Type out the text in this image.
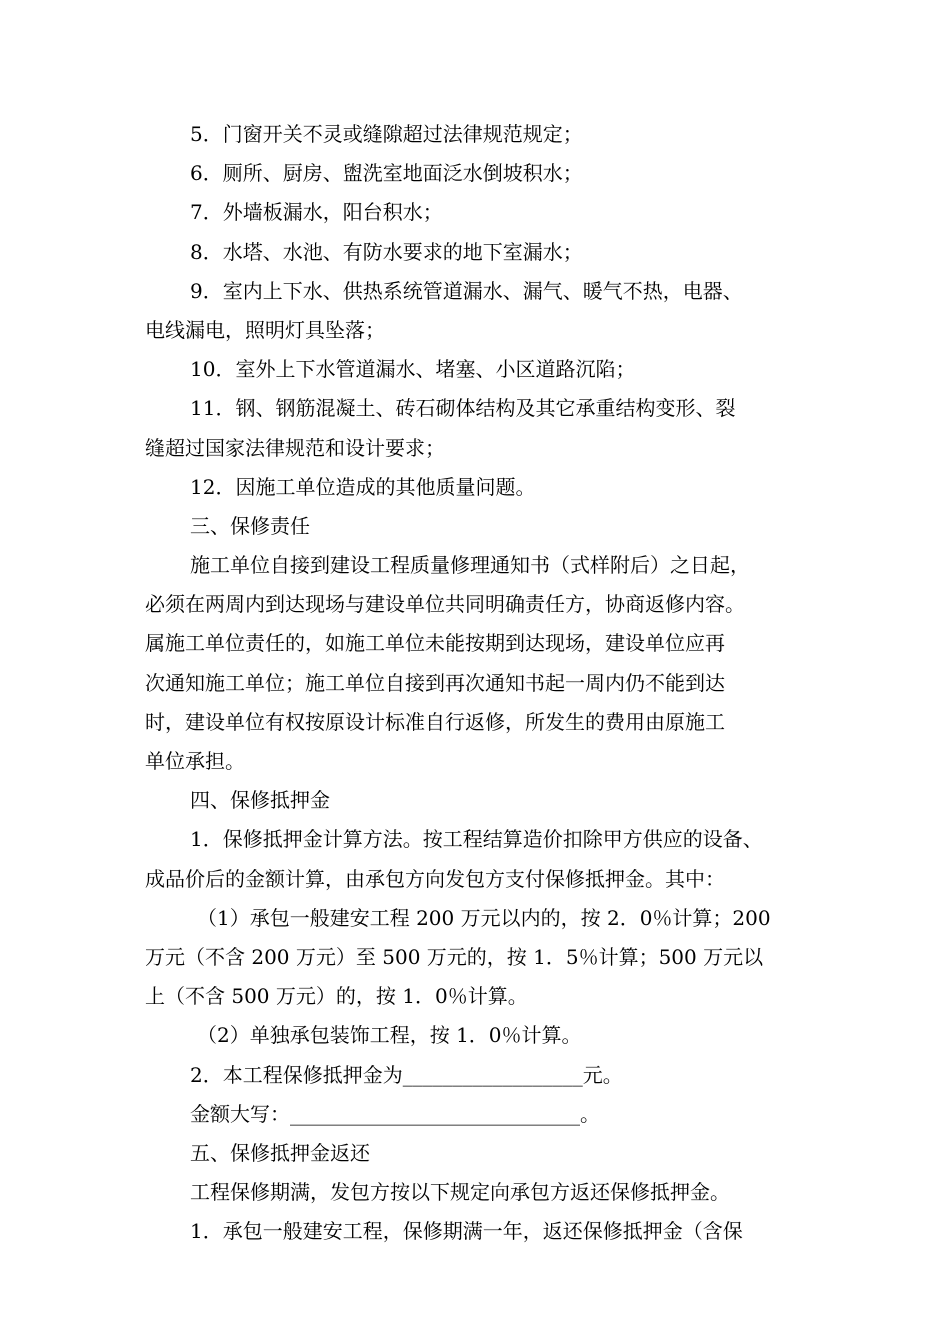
5．门窗开关不灵或缝隙超过法律规范规定；
6．厕所、厨房、盥洗室地面泛水倒坡积水；
7．外墙板漏水，阳台积水；
8．水塔、水池、有防水要求的地下室漏水；
9．室内上下水、供热系统管道漏水、漏气、暖气不热，电器、
电线漏电，照明灯具坠落；
10．室外上下水管道漏水、堵塞、小区道路沉陷；
11．钢、钢筋混凝土、砖石砌体结构及其它承重结构变形、裂
缝超过国家法律规范和设计要求；
12．因施工单位造成的其他质量问题。
三、保修责任
施工单位自接到建设工程质量修理通知书（式样附后）之日起，
必须在两周内到达现场与建设单位共同明确责任方，协商返修内容。
属施工单位责任的，如施工单位未能按期到达现场，建设单位应再
次通知施工单位；施工单位自接到再次通知书起一周内仍不能到达
时，建设单位有权按原设计标准自行返修，所发生的费用由原施工
单位承担。
四、保修抵押金
1．保修抵押金计算方法。按工程结算造价扣除甲方供应的设备、
成品价后的金额计算，由承包方向发包方支付保修抵押金。其中：
（1）承包一般建安工程 200 万元以内的，按 2．0％计算；200
万元（不含 200 万元）至 500 万元的，按 1．5％计算；500 万元以
上（不含 500 万元）的，按 1．0％计算。
（2）单独承包装饰工程，按 1．0％计算。
2．本工程保修抵押金为__________________元。
金额大写：_____________________________。
五、保修抵押金返还
工程保修期满，发包方按以下规定向承包方返还保修抵押金。
1．承包一般建安工程，保修期满一年，返还保修抵押金（含保
